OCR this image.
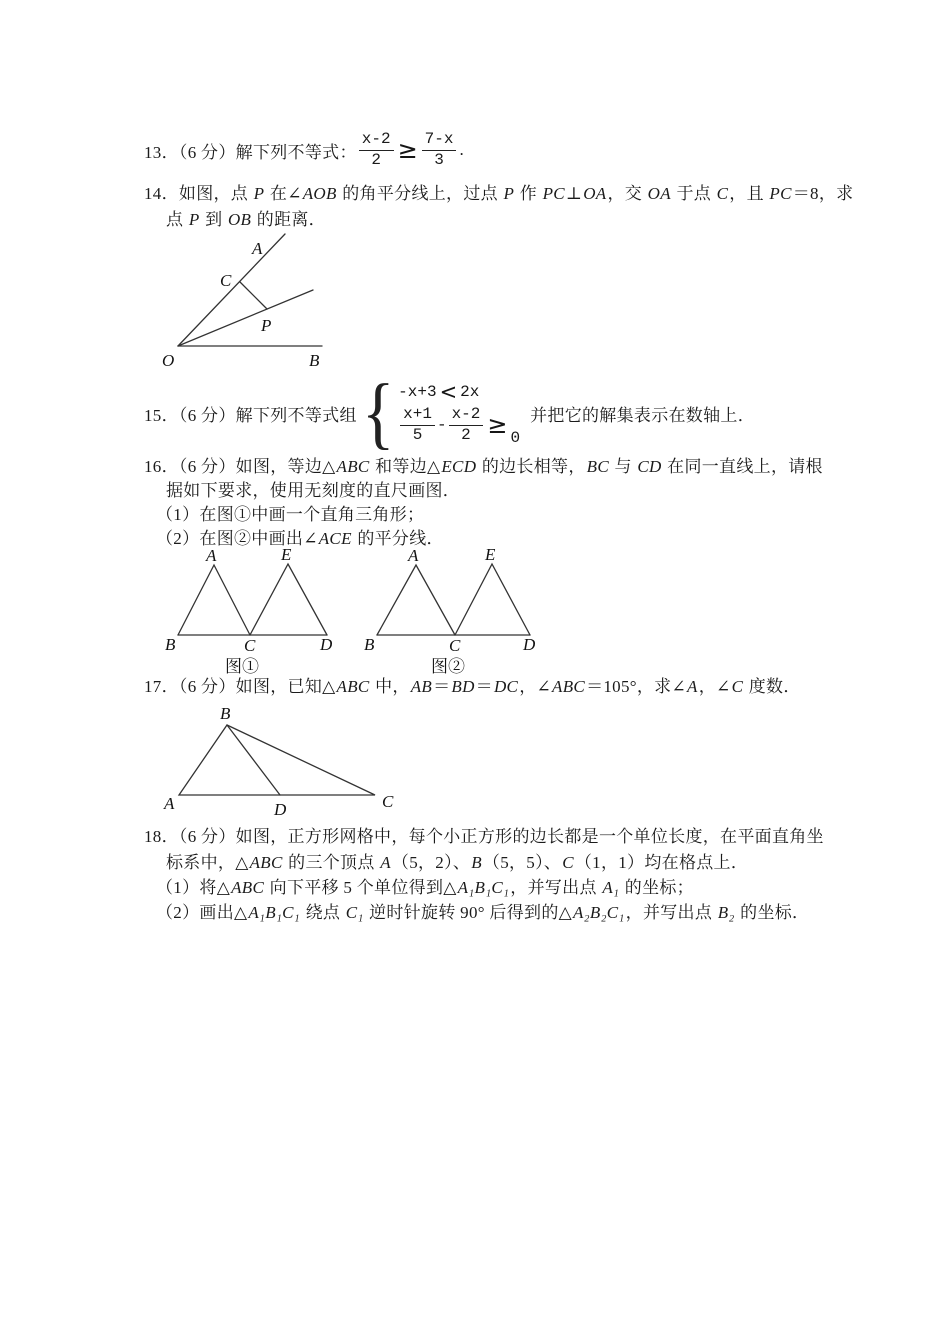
13．（6 分）解下列不等式： $\frac{x-2}{2} \ge \frac{7-x}{3}$ .
14．如图，点 P 在∠AOB 的角平分线上，过点 P 作 PC⊥OA，交 OA 于点 C，且 PC＝8，求
点 P 到 OB 的距离．
A
C
P
O	B
15．（6 分）解下列不等式组 { -x+3 < 2x
$\frac{x+1}{5} - \frac{x-2}{2} \ge 0$
并把它的解集表示在数轴上．
16．（6 分）如图，等边△ABC 和等边△ECD 的边长相等，BC 与 CD 在同一直线上，请根
据如下要求，使用无刻度的直尺画图．
（1）在图①中画一个直角三角形；
（2）在图②中画出∠ACE 的平分线．
A	E
B	C	D
图①
A	E
B	C	D
图②
17．（6 分）如图，已知△ABC 中，AB＝BD＝DC，∠ABC＝105°，求∠A，∠C 度数．
B
A	D	C
18．（6 分）如图，正方形网格中，每个小正方形的边长都是一个单位长度，在平面直角坐
标系中，△ABC 的三个顶点 A（5，2）、B（5，5）、C（1，1）均在格点上．
（1）将△ABC 向下平移 5 个单位得到△A₁B₁C₁，并写出点 A₁ 的坐标；
（2）画出△A₁B₁C₁ 绕点 C₁ 逆时针旋转 90° 后得到的△A₂B₂C₁，并写出点 B₂ 的坐标．
